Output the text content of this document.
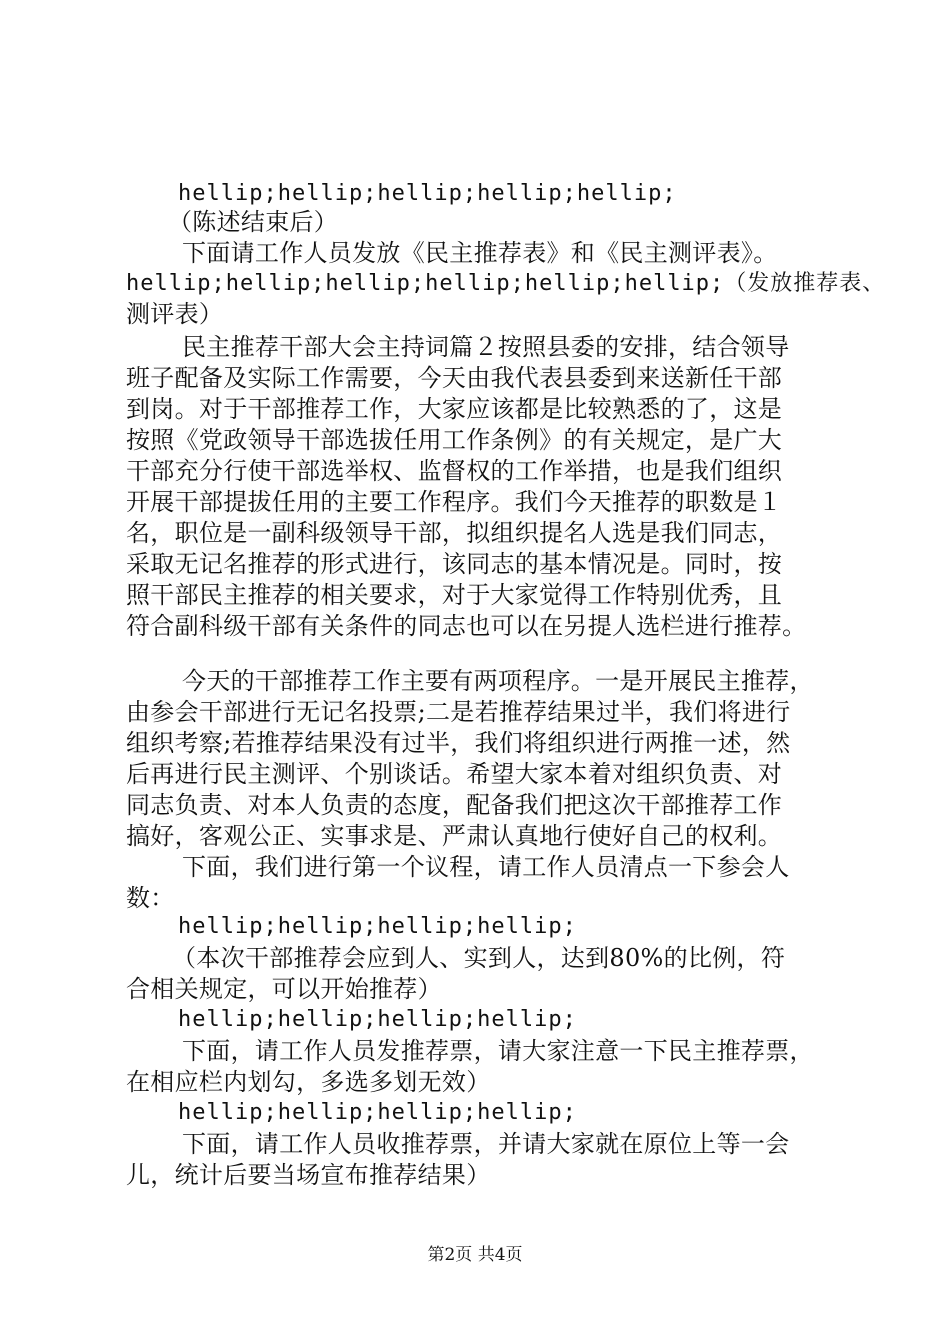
hellip;hellip;hellip;hellip;hellip;
（陈述结束后）
下面请工作人员发放《民主推荐表》和《民主测评表》。
hellip;hellip;hellip;hellip;hellip;hellip;（发放推荐表、
测评表）
民主推荐干部大会主持词篇２按照县委的安排，结合领导
班子配备及实际工作需要，今天由我代表县委到来送新任干部
到岗。对于干部推荐工作，大家应该都是比较熟悉的了，这是
按照《党政领导干部选拔任用工作条例》的有关规定，是广大
干部充分行使干部选举权、监督权的工作举措，也是我们组织
开展干部提拔任用的主要工作程序。我们今天推荐的职数是１
名，职位是一副科级领导干部，拟组织提名人选是我们同志，
采取无记名推荐的形式进行，该同志的基本情况是。同时，按
照干部民主推荐的相关要求，对于大家觉得工作特别优秀，且
符合副科级干部有关条件的同志也可以在另提人选栏进行推荐。
今天的干部推荐工作主要有两项程序。一是开展民主推荐，
由参会干部进行无记名投票;二是若推荐结果过半，我们将进行
组织考察;若推荐结果没有过半，我们将组织进行两推一述，然
后再进行民主测评、个别谈话。希望大家本着对组织负责、对
同志负责、对本人负责的态度，配备我们把这次干部推荐工作
搞好，客观公正、实事求是、严肃认真地行使好自己的权利。
下面，我们进行第一个议程，请工作人员清点一下参会人
数：
hellip;hellip;hellip;hellip;
（本次干部推荐会应到人、实到人，达到80%的比例，符
合相关规定，可以开始推荐）
hellip;hellip;hellip;hellip;
下面，请工作人员发推荐票，请大家注意一下民主推荐票，
在相应栏内划勾，多选多划无效）
hellip;hellip;hellip;hellip;
下面，请工作人员收推荐票，并请大家就在原位上等一会
儿，统计后要当场宣布推荐结果）
第2页 共4页
